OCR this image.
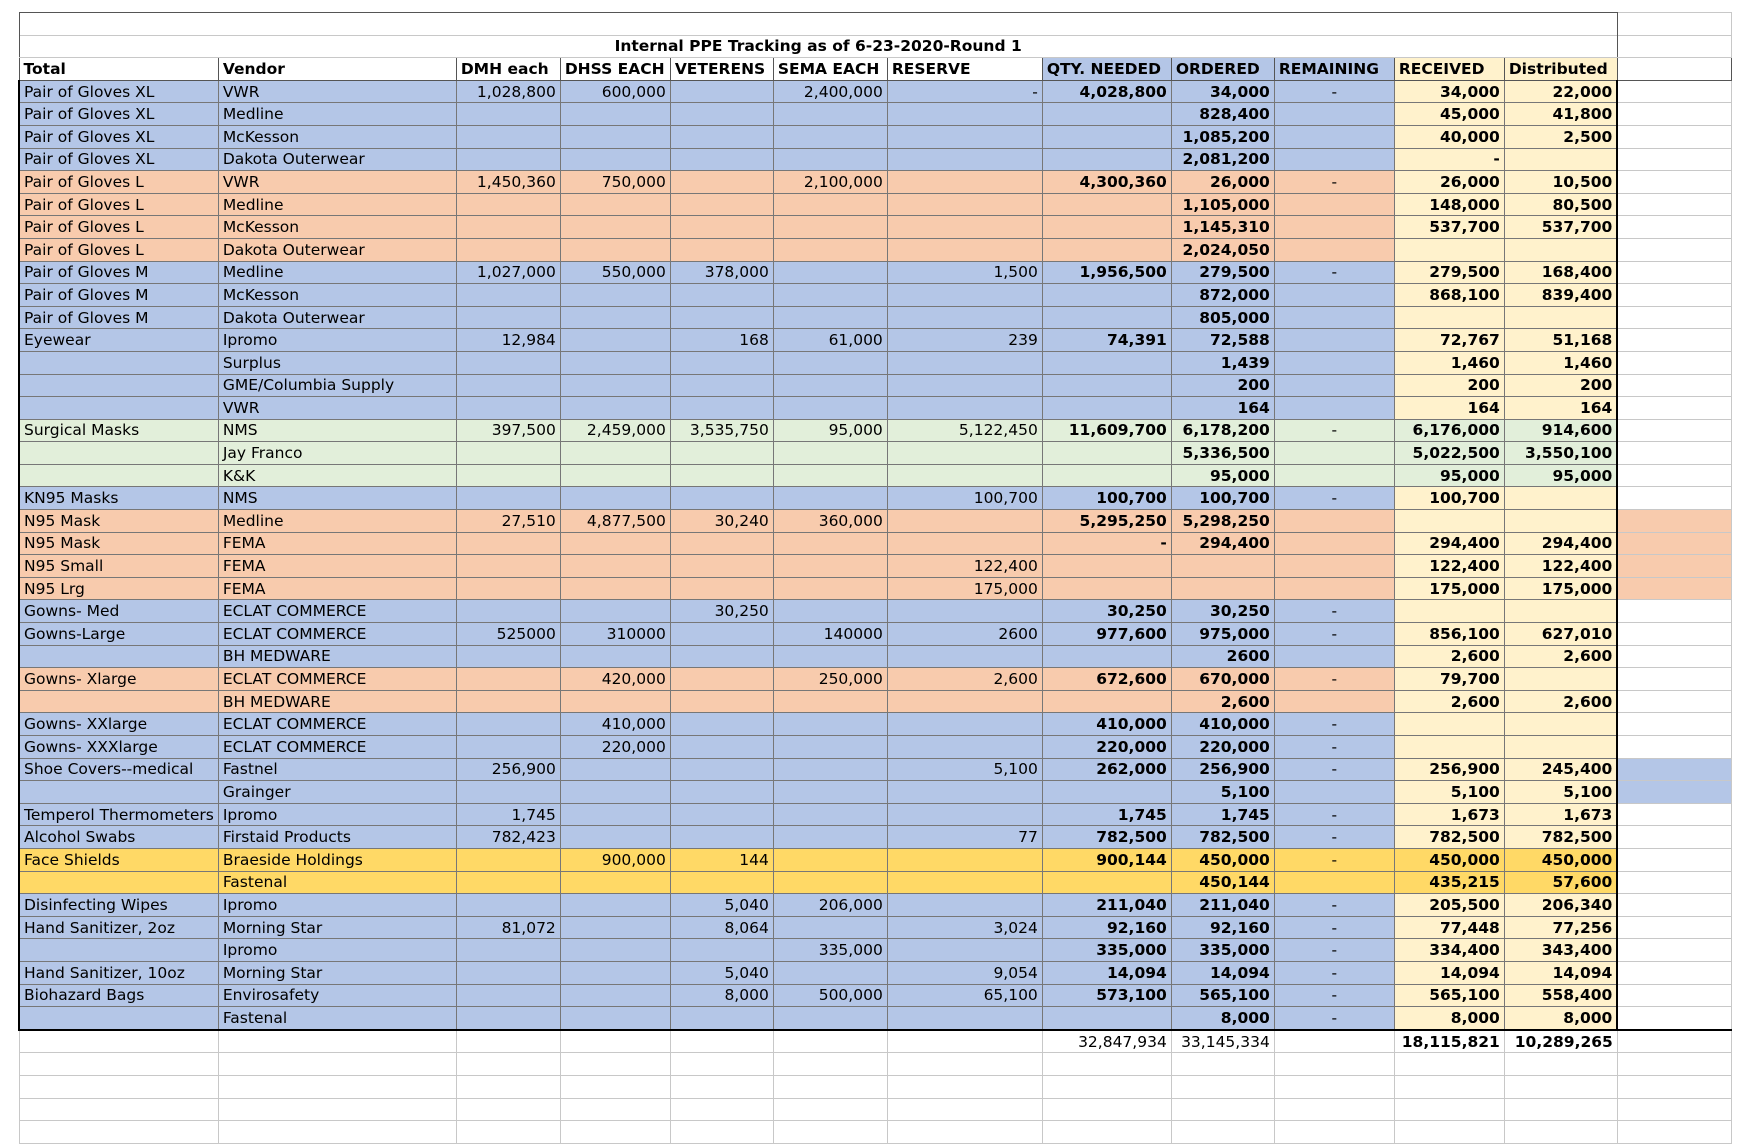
Internal PPE Tracking as of 6-23-2020-Round 1												
Total	Vendor	DMH each	DHSS EACH	VETERENS	SEMA EACH	RESERVE	QTY. NEEDED	ORDERED	REMAINING	RECEIVED	Distributed	
Pair of Gloves XL	VWR	1,028,800	600,000		2,400,000	-	4,028,800	34,000	-	34,000	22,000	
Pair of Gloves XL	Medline							828,400		45,000	41,800	
Pair of Gloves XL	McKesson							1,085,200		40,000	2,500	
Pair of Gloves XL	Dakota Outerwear							2,081,200		-		
Pair of Gloves L	VWR	1,450,360	750,000		2,100,000		4,300,360	26,000	-	26,000	10,500	
Pair of Gloves L	Medline							1,105,000		148,000	80,500	
Pair of Gloves L	McKesson							1,145,310		537,700	537,700	
Pair of Gloves L	Dakota Outerwear							2,024,050				
Pair of Gloves M	Medline	1,027,000	550,000	378,000		1,500	1,956,500	279,500	-	279,500	168,400	
Pair of Gloves M	McKesson							872,000		868,100	839,400	
Pair of Gloves M	Dakota Outerwear							805,000				
Eyewear	Ipromo	12,984		168	61,000	239	74,391	72,588		72,767	51,168	
	Surplus							1,439		1,460	1,460	
	GME/Columbia Supply							200		200	200	
	VWR							164		164	164	
Surgical Masks	NMS	397,500	2,459,000	3,535,750	95,000	5,122,450	11,609,700	6,178,200	-	6,176,000	914,600	
	Jay Franco							5,336,500		5,022,500	3,550,100	
	K&K							95,000		95,000	95,000	
KN95 Masks	NMS					100,700	100,700	100,700	-	100,700		
N95 Mask	Medline	27,510	4,877,500	30,240	360,000		5,295,250	5,298,250				
N95 Mask	FEMA						-	294,400		294,400	294,400	
N95 Small	FEMA					122,400				122,400	122,400	
N95 Lrg	FEMA					175,000				175,000	175,000	
Gowns- Med	ECLAT COMMERCE			30,250			30,250	30,250	-			
Gowns-Large	ECLAT COMMERCE	525000	310000		140000	2600	977,600	975,000	-	856,100	627,010	
	BH MEDWARE							2600		2,600	2,600	
Gowns- Xlarge	ECLAT COMMERCE		420,000		250,000	2,600	672,600	670,000	-	79,700		
	BH MEDWARE							2,600		2,600	2,600	
Gowns- XXlarge	ECLAT COMMERCE		410,000				410,000	410,000	-			
Gowns- XXXlarge	ECLAT COMMERCE		220,000				220,000	220,000	-			
Shoe Covers--medical	Fastnel	256,900				5,100	262,000	256,900	-	256,900	245,400	
	Grainger							5,100		5,100	5,100	
Temperol Thermometers	Ipromo	1,745					1,745	1,745	-	1,673	1,673	
Alcohol Swabs	Firstaid Products	782,423				77	782,500	782,500	-	782,500	782,500	
Face Shields	Braeside Holdings		900,000	144			900,144	450,000	-	450,000	450,000	
	Fastenal							450,144		435,215	57,600	
Disinfecting Wipes	Ipromo			5,040	206,000		211,040	211,040	-	205,500	206,340	
Hand Sanitizer, 2oz	Morning Star	81,072		8,064		3,024	92,160	92,160	-	77,448	77,256	
	Ipromo				335,000		335,000	335,000	-	334,400	343,400	
Hand Sanitizer, 10oz	Morning Star			5,040		9,054	14,094	14,094	-	14,094	14,094	
Biohazard Bags	Envirosafety			8,000	500,000	65,100	573,100	565,100	-	565,100	558,400	
	Fastenal							8,000	-	8,000	8,000	
							32,847,934	33,145,334		18,115,821	10,289,265	
